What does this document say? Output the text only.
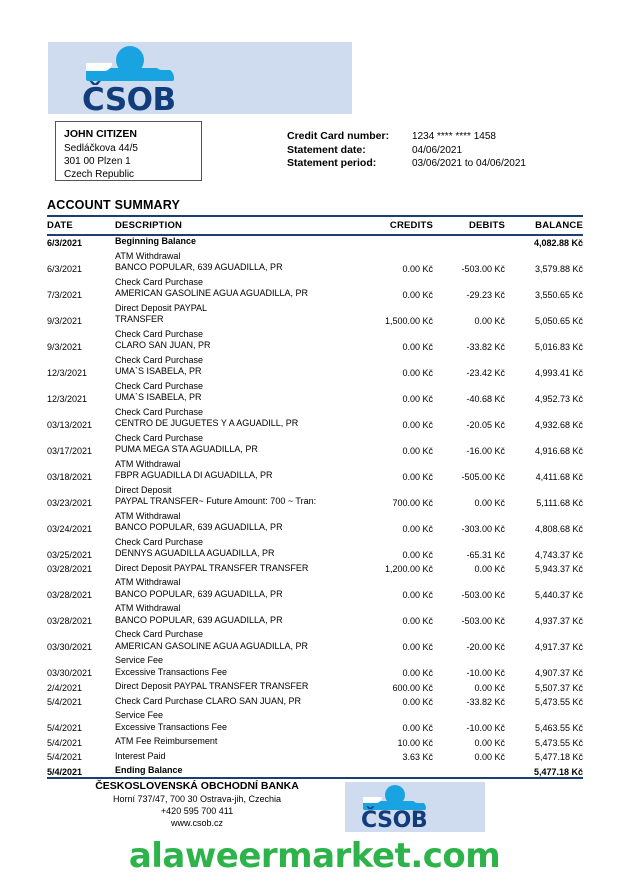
ČSOB
JOHN CITIZEN
Sedláčkova 44/5
301 00 Plzen 1
Czech Republic
Credit Card number:	1234 **** **** 1458
Statement date:	04/06/2021
Statement period:	03/06/2021 to 04/06/2021
ACCOUNT SUMMARY
DATE	DESCRIPTION	CREDITS	DEBITS	BALANCE

6/3/2021	Beginning Balance			4,082.88 Kč
6/3/2021	ATM Withdrawal
BANCO POPULAR, 639 AGUADILLA, PR	0.00 Kč	-503.00 Kč	3,579.88 Kč
7/3/2021	Check Card Purchase
AMERICAN GASOLINE AGUA AGUADILLA, PR	0.00 Kč	-29.23 Kč	3,550.65 Kč
9/3/2021	Direct Deposit PAYPAL
TRANSFER	1,500.00 Kč	0.00 Kč	5,050.65 Kč
9/3/2021	Check Card Purchase
CLARO SAN JUAN, PR	0.00 Kč	-33.82 Kč	5,016.83 Kč
12/3/2021	Check Card Purchase
UMA`S ISABELA, PR	0.00 Kč	-23.42 Kč	4,993.41 Kč
12/3/2021	Check Card Purchase
UMA`S ISABELA, PR	0.00 Kč	-40.68 Kč	4,952.73 Kč
03/13/2021	Check Card Purchase
CENTRO DE JUGUETES Y A AGUADILL, PR	0.00 Kč	-20.05 Kč	4,932.68 Kč
03/17/2021	Check Card Purchase
PUMA MEGA STA AGUADILLA, PR	0.00 Kč	-16.00 Kč	4,916.68 Kč
03/18/2021	ATM Withdrawal
FBPR AGUADILLA DI AGUADILLA, PR	0.00 Kč	-505.00 Kč	4,411.68 Kč
03/23/2021	Direct Deposit
PAYPAL TRANSFER~ Future Amount: 700 ~ Tran:	700.00 Kč	0.00 Kč	5,111.68 Kč
03/24/2021	ATM Withdrawal
BANCO POPULAR, 639 AGUADILLA, PR	0.00 Kč	-303.00 Kč	4,808.68 Kč
03/25/2021	Check Card Purchase
DENNYS AGUADILLA AGUADILLA, PR	0.00 Kč	-65.31 Kč	4,743.37 Kč
03/28/2021	Direct Deposit PAYPAL TRANSFER TRANSFER	1,200.00 Kč	0.00 Kč	5,943.37 Kč
03/28/2021	ATM Withdrawal
BANCO POPULAR, 639 AGUADILLA, PR	0.00 Kč	-503.00 Kč	5,440.37 Kč
03/28/2021	ATM Withdrawal
BANCO POPULAR, 639 AGUADILLA, PR	0.00 Kč	-503.00 Kč	4,937.37 Kč
03/30/2021	Check Card Purchase
AMERICAN GASOLINE AGUA AGUADILLA, PR	0.00 Kč	-20.00 Kč	4,917.37 Kč
03/30/2021	Service Fee
Excessive Transactions Fee	0.00 Kč	-10.00 Kč	4,907.37 Kč
2/4/2021	Direct Deposit PAYPAL TRANSFER TRANSFER	600.00 Kč	0.00 Kč	5,507.37 Kč
5/4/2021	Check Card Purchase CLARO SAN JUAN, PR	0.00 Kč	-33.82 Kč	5,473.55 Kč
5/4/2021	Service Fee
Excessive Transactions Fee	0.00 Kč	-10.00 Kč	5,463.55 Kč
5/4/2021	ATM Fee Reimbursement	10.00 Kč	0.00 Kč	5,473.55 Kč
5/4/2021	Interest Paid	3.63 Kč	0.00 Kč	5,477.18 Kč

5/4/2021	Ending Balance			5,477.18 Kč

ČESKOSLOVENSKÁ OBCHODNÍ BANKA
Horní 737/47, 700 30 Ostrava-jih, Czechia
+420 595 700 411
www.csob.cz	ČSOB
alaweermarket.com
